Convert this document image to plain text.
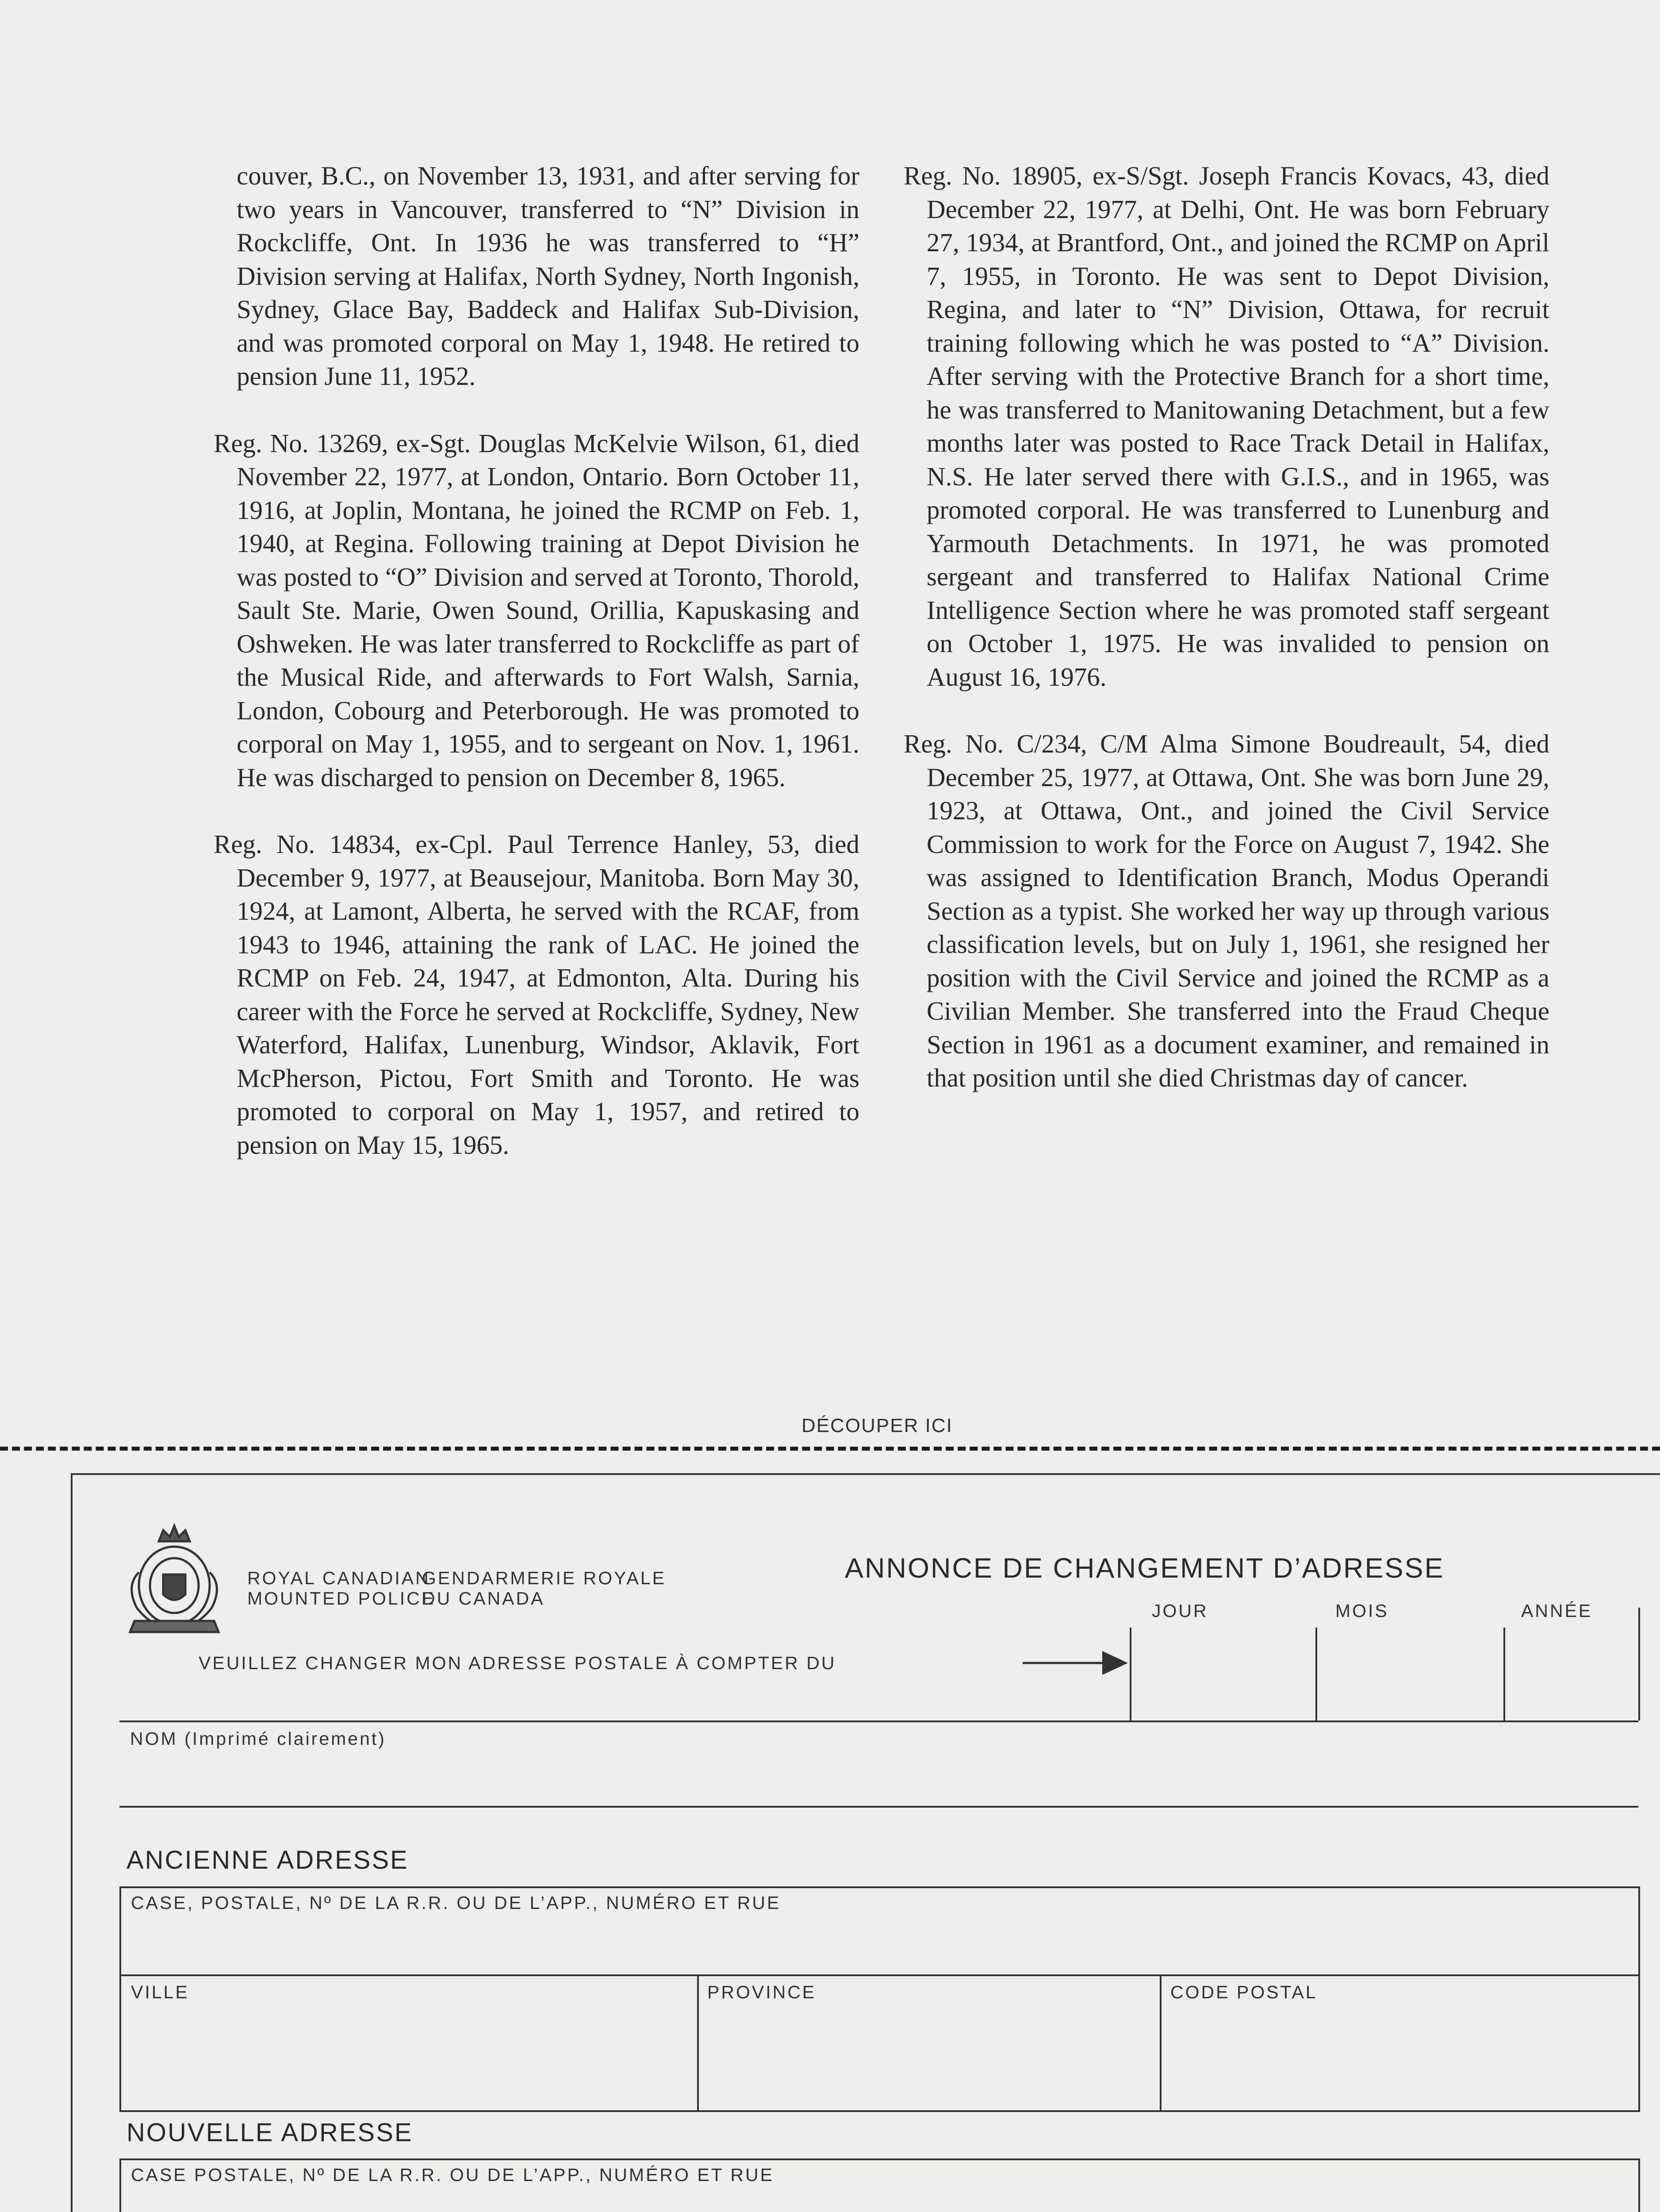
couver, B.C., on November 13, 1931, and after serving for two years in Vancouver, transferred to “N” Division in Rockcliffe, Ont. In 1936 he was transferred to “H” Division serving at Halifax, North Sydney, North Ingonish, Sydney, Glace Bay, Baddeck and Halifax Sub-Division, and was promoted corporal on May 1, 1948. He retired to pension June 11, 1952.

Reg. No. 13269, ex-Sgt. Douglas McKelvie Wilson, 61, died November 22, 1977, at London, Ontario. Born October 11, 1916, at Joplin, Montana, he joined the RCMP on Feb. 1, 1940, at Regina. Following training at Depot Division he was posted to “O” Division and served at Toronto, Thorold, Sault Ste. Marie, Owen Sound, Orillia, Kapuskasing and Oshweken. He was later transferred to Rockcliffe as part of the Musical Ride, and afterwards to Fort Walsh, Sarnia, London, Cobourg and Peterborough. He was promoted to corporal on May 1, 1955, and to sergeant on Nov. 1, 1961. He was discharged to pension on December 8, 1965.

Reg. No. 14834, ex-Cpl. Paul Terrence Hanley, 53, died December 9, 1977, at Beausejour, Manitoba. Born May 30, 1924, at Lamont, Alberta, he served with the RCAF, from 1943 to 1946, attaining the rank of LAC. He joined the RCMP on Feb. 24, 1947, at Edmonton, Alta. During his career with the Force he served at Rockcliffe, Sydney, New Waterford, Halifax, Lunenburg, Windsor, Aklavik, Fort McPherson, Pictou, Fort Smith and Toronto. He was promoted to corporal on May 1, 1957, and retired to pension on May 15, 1965.

Reg. No. 18905, ex-S/Sgt. Joseph Francis Kovacs, 43, died December 22, 1977, at Delhi, Ont. He was born February 27, 1934, at Brantford, Ont., and joined the RCMP on April 7, 1955, in Toronto. He was sent to Depot Division, Regina, and later to “N” Division, Ottawa, for recruit training following which he was posted to “A” Division. After serving with the Protective Branch for a short time, he was transferred to Manitowaning Detachment, but a few months later was posted to Race Track Detail in Halifax, N.S. He later served there with G.I.S., and in 1965, was promoted corporal. He was transferred to Lunenburg and Yarmouth Detachments. In 1971, he was promoted sergeant and transferred to Halifax National Crime Intelligence Section where he was promoted staff sergeant on October 1, 1975. He was invalided to pension on August 16, 1976.

Reg. No. C/234, C/M Alma Simone Boudreault, 54, died December 25, 1977, at Ottawa, Ont. She was born June 29, 1923, at Ottawa, Ont., and joined the Civil Service Commission to work for the Force on August 7, 1942. She was assigned to Identification Branch, Modus Operandi Section as a typist. She worked her way up through various classification levels, but on July 1, 1961, she resigned her position with the Civil Service and joined the RCMP as a Civilian Member. She transferred into the Fraud Cheque Section in 1961 as a document examiner, and remained in that position until she died Christmas day of cancer.

DÉCOUPER ICI
ROYAL CANADIAN
MOUNTED POLICE
GENDARMERIE ROYALE
DU CANADA
ANNONCE DE CHANGEMENT D’ADRESSE
JOUR	MOIS	ANNÉE
VEUILLEZ CHANGER MON ADRESSE POSTALE À COMPTER DU
NOM (Imprimé clairement)
ANCIENNE ADRESSE
CASE, POSTALE, Nº DE LA R.R. OU DE L’APP., NUMÉRO ET RUE
VILLE	PROVINCE	CODE POSTAL
NOUVELLE ADRESSE
CASE POSTALE, Nº DE LA R.R. OU DE L’APP., NUMÉRO ET RUE
